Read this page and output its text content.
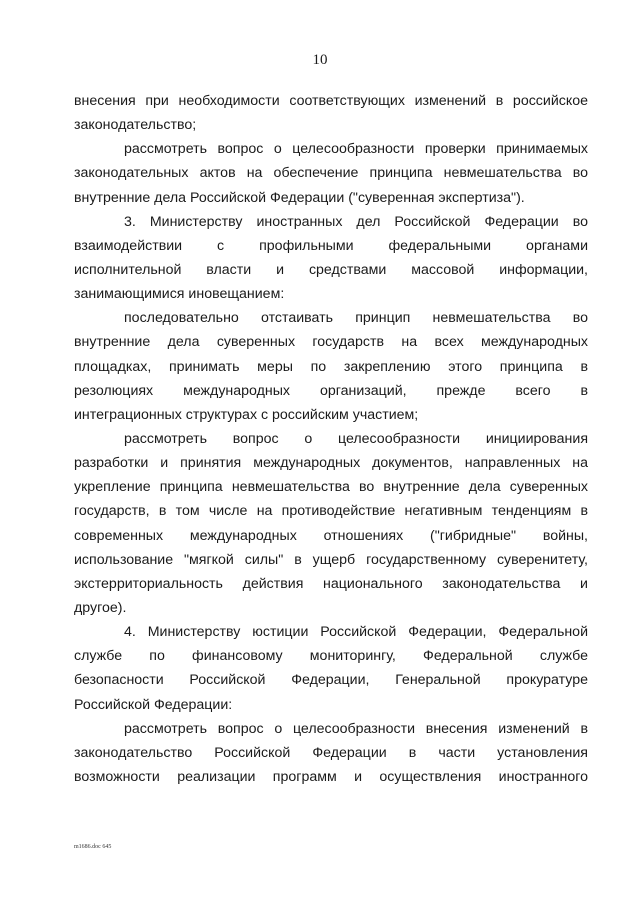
10
внесения при необходимости соответствующих изменений в российское
законодательство;
рассмотреть вопрос о целесообразности проверки принимаемых
законодательных актов на обеспечение принципа невмешательства во
внутренние дела Российской Федерации ("суверенная экспертиза").
3. Министерству иностранных дел Российской Федерации во
взаимодействии с профильными федеральными органами
исполнительной власти и средствами массовой информации,
занимающимися иновещанием:
последовательно отстаивать принцип невмешательства во
внутренние дела суверенных государств на всех международных
площадках, принимать меры по закреплению этого принципа в
резолюциях международных организаций, прежде всего в
интеграционных структурах с российским участием;
рассмотреть вопрос о целесообразности инициирования
разработки и принятия международных документов, направленных на
укрепление принципа невмешательства во внутренние дела суверенных
государств, в том числе на противодействие негативным тенденциям в
современных международных отношениях ("гибридные" войны,
использование "мягкой силы" в ущерб государственному суверенитету,
экстерриториальность действия национального законодательства и
другое).
4. Министерству юстиции Российской Федерации, Федеральной
службе по финансовому мониторингу, Федеральной службе
безопасности Российской Федерации, Генеральной прокуратуре
Российской Федерации:
рассмотреть вопрос о целесообразности внесения изменений в
законодательство Российской Федерации в части установления
возможности реализации программ и осуществления иностранного
m1686.doc 645
